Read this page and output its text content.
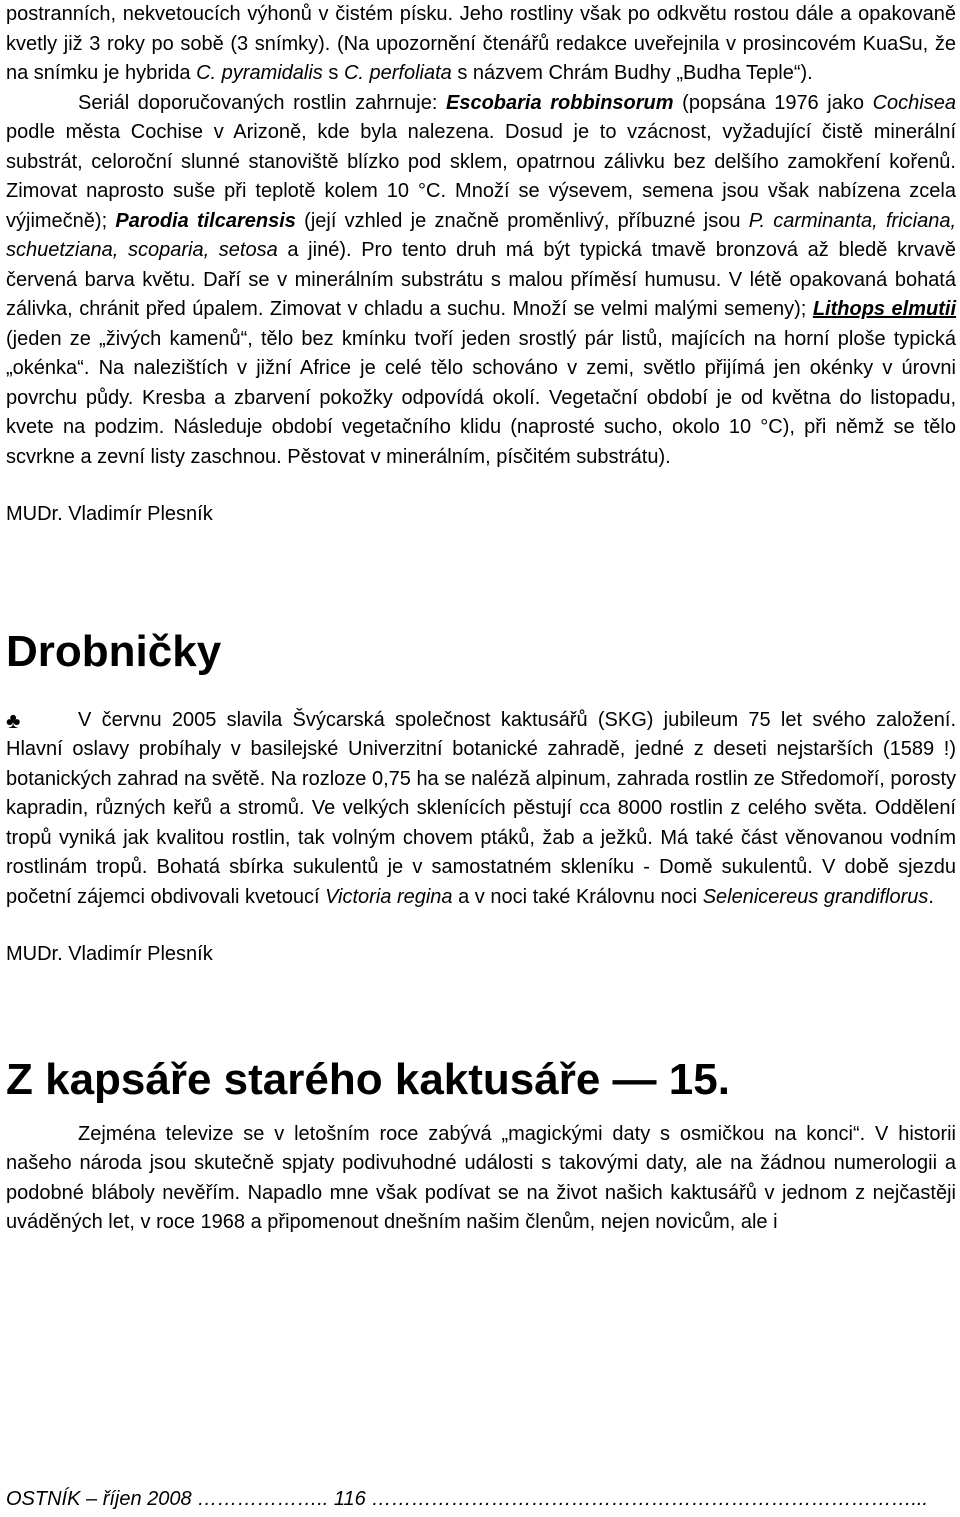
postranních, nekvetoucích výhonů v čistém písku. Jeho rostliny však po odkvětu rostou dále a opakovaně kvetly již 3 roky po sobě (3 snímky). (Na upozornění čtenářů redakce uveřejnila v prosincovém KuaSu, že na snímku je hybrida C. pyramidalis s C. perfoliata s názvem Chrám Budhy „Budha Teple“).

Seriál doporučovaných rostlin zahrnuje: Escobaria robbinsorum (popsána 1976 jako Cochisea podle města Cochise v Arizoně, kde byla nalezena. Dosud je to vzácnost, vyžadující čistě minerální substrát, celoroční slunné stanoviště blízko pod sklem, opatrnou zálivku bez delšího zamokření kořenů. Zimovat naprosto suše při teplotě kolem 10 °C. Množí se výsevem, semena jsou však nabízena zcela výjimečně); Parodia tilcarensis (její vzhled je značně proměnlivý, příbuzné jsou P. carminanta, friciana, schuetziana, scoparia, setosa a jiné). Pro tento druh má být typická tmavě bronzová až bledě krvavě červená barva květu. Daří se v minerálním substrátu s malou příměsí humusu. V létě opakovaná bohatá zálivka, chránit před úpalem. Zimovat v chladu a suchu. Množí se velmi malými semeny); Lithops elmutii (jeden ze „živých kamenů“, tělo bez kmínku tvoří jeden srostlý pár listů, majících na horní ploše typická „okénka“. Na nalezištích v jižní Africe je celé tělo schováno v zemi, světlo přijímá jen okénky v úrovni povrchu půdy. Kresba a zbarvení pokožky odpovídá okolí. Vegetační období je od května do listopadu, kvete na podzim. Následuje období vegetačního klidu (naprosté sucho, okolo 10 °C), při němž se tělo scvrkne a zevní listy zaschnou. Pěstovat v minerálním, písčitém substrátu).

MUDr. Vladimír Plesník

Drobničky
♣	V červnu 2005 slavila Švýcarská společnost kaktusářů (SKG) jubileum 75 let svého založení. Hlavní oslavy probíhaly v basilejské Univerzitní botanické zahradě, jedné z deseti nejstarších (1589 !) botanických zahrad na světě. Na rozloze 0,75 ha se naléză alpinum, zahrada rostlin ze Středomoří, porosty kapradin, různých keřů a stromů. Ve velkých sklenících pěstují cca 8000 rostlin z celého světa. Oddělení tropů vyniká jak kvalitou rostlin, tak volným chovem ptáků, žab a ježků. Má také část věnovanou vodním rostlinám tropů. Bohatá sbírka sukulentů je v samostatném skleníku - Domě sukulentů. V době sjezdu početní zájemci obdivovali kvetoucí Victoria regina a v noci také Královnu noci Selenicereus grandiflorus.

MUDr. Vladimír Plesník

Z kapsáře starého kaktusáře — 15.

Zejména televize se v letošním roce zabývá „magickými daty s osmičkou na konci“. V historii našeho národa jsou skutečně spjaty podivuhodné události s takovými daty, ale na žádnou numerologii a podobné bláboly nevěřím. Napadlo mne však podívat se na život našich kaktusářů v jednom z nejčastěji uváděných let, v roce 1968 a připomenout dnešním našim členům, nejen novicům, ale i

OSTNÍK – říjen 2008 ……………….. 116 ………………………………………………………………………...
